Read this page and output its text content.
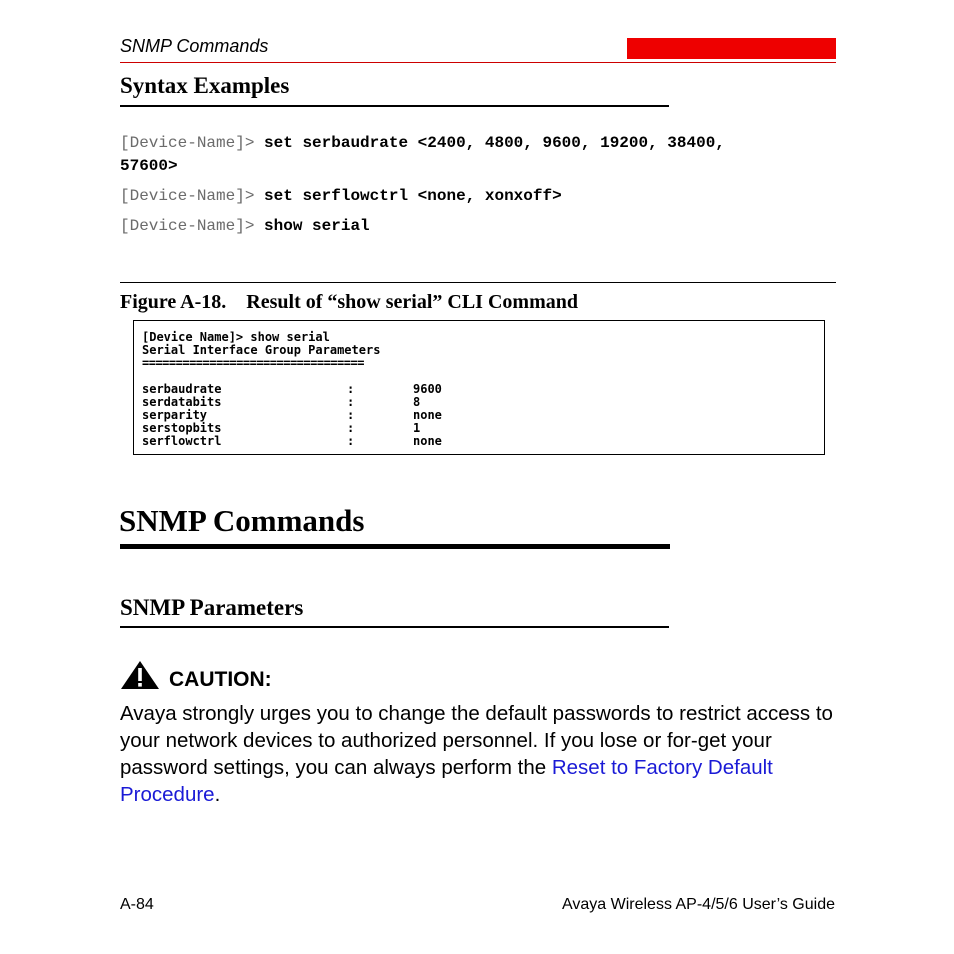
SNMP Commands
Syntax Examples
[Device-Name]> set serbaudrate <2400, 4800, 9600, 19200, 38400,
57600>
[Device-Name]> set serflowctrl <none, xonxoff>
[Device-Name]> show serial
Figure A-18.    Result of “show serial” CLI Command
[Device Name]> show serial
Serial Interface Group Parameters
=================================
serbaudrate	:	9600
serdatabits	:	8
serparity	:	none
serstopbits	:	1
serflowctrl	:	none
SNMP Commands
SNMP Parameters
CAUTION:
Avaya strongly urges you to change the default passwords to restrict access to your network devices to authorized personnel. If you lose or for-get your password settings, you can always perform the Reset to Factory Default Procedure.
A-84	Avaya Wireless AP-4/5/6 User’s Guide
